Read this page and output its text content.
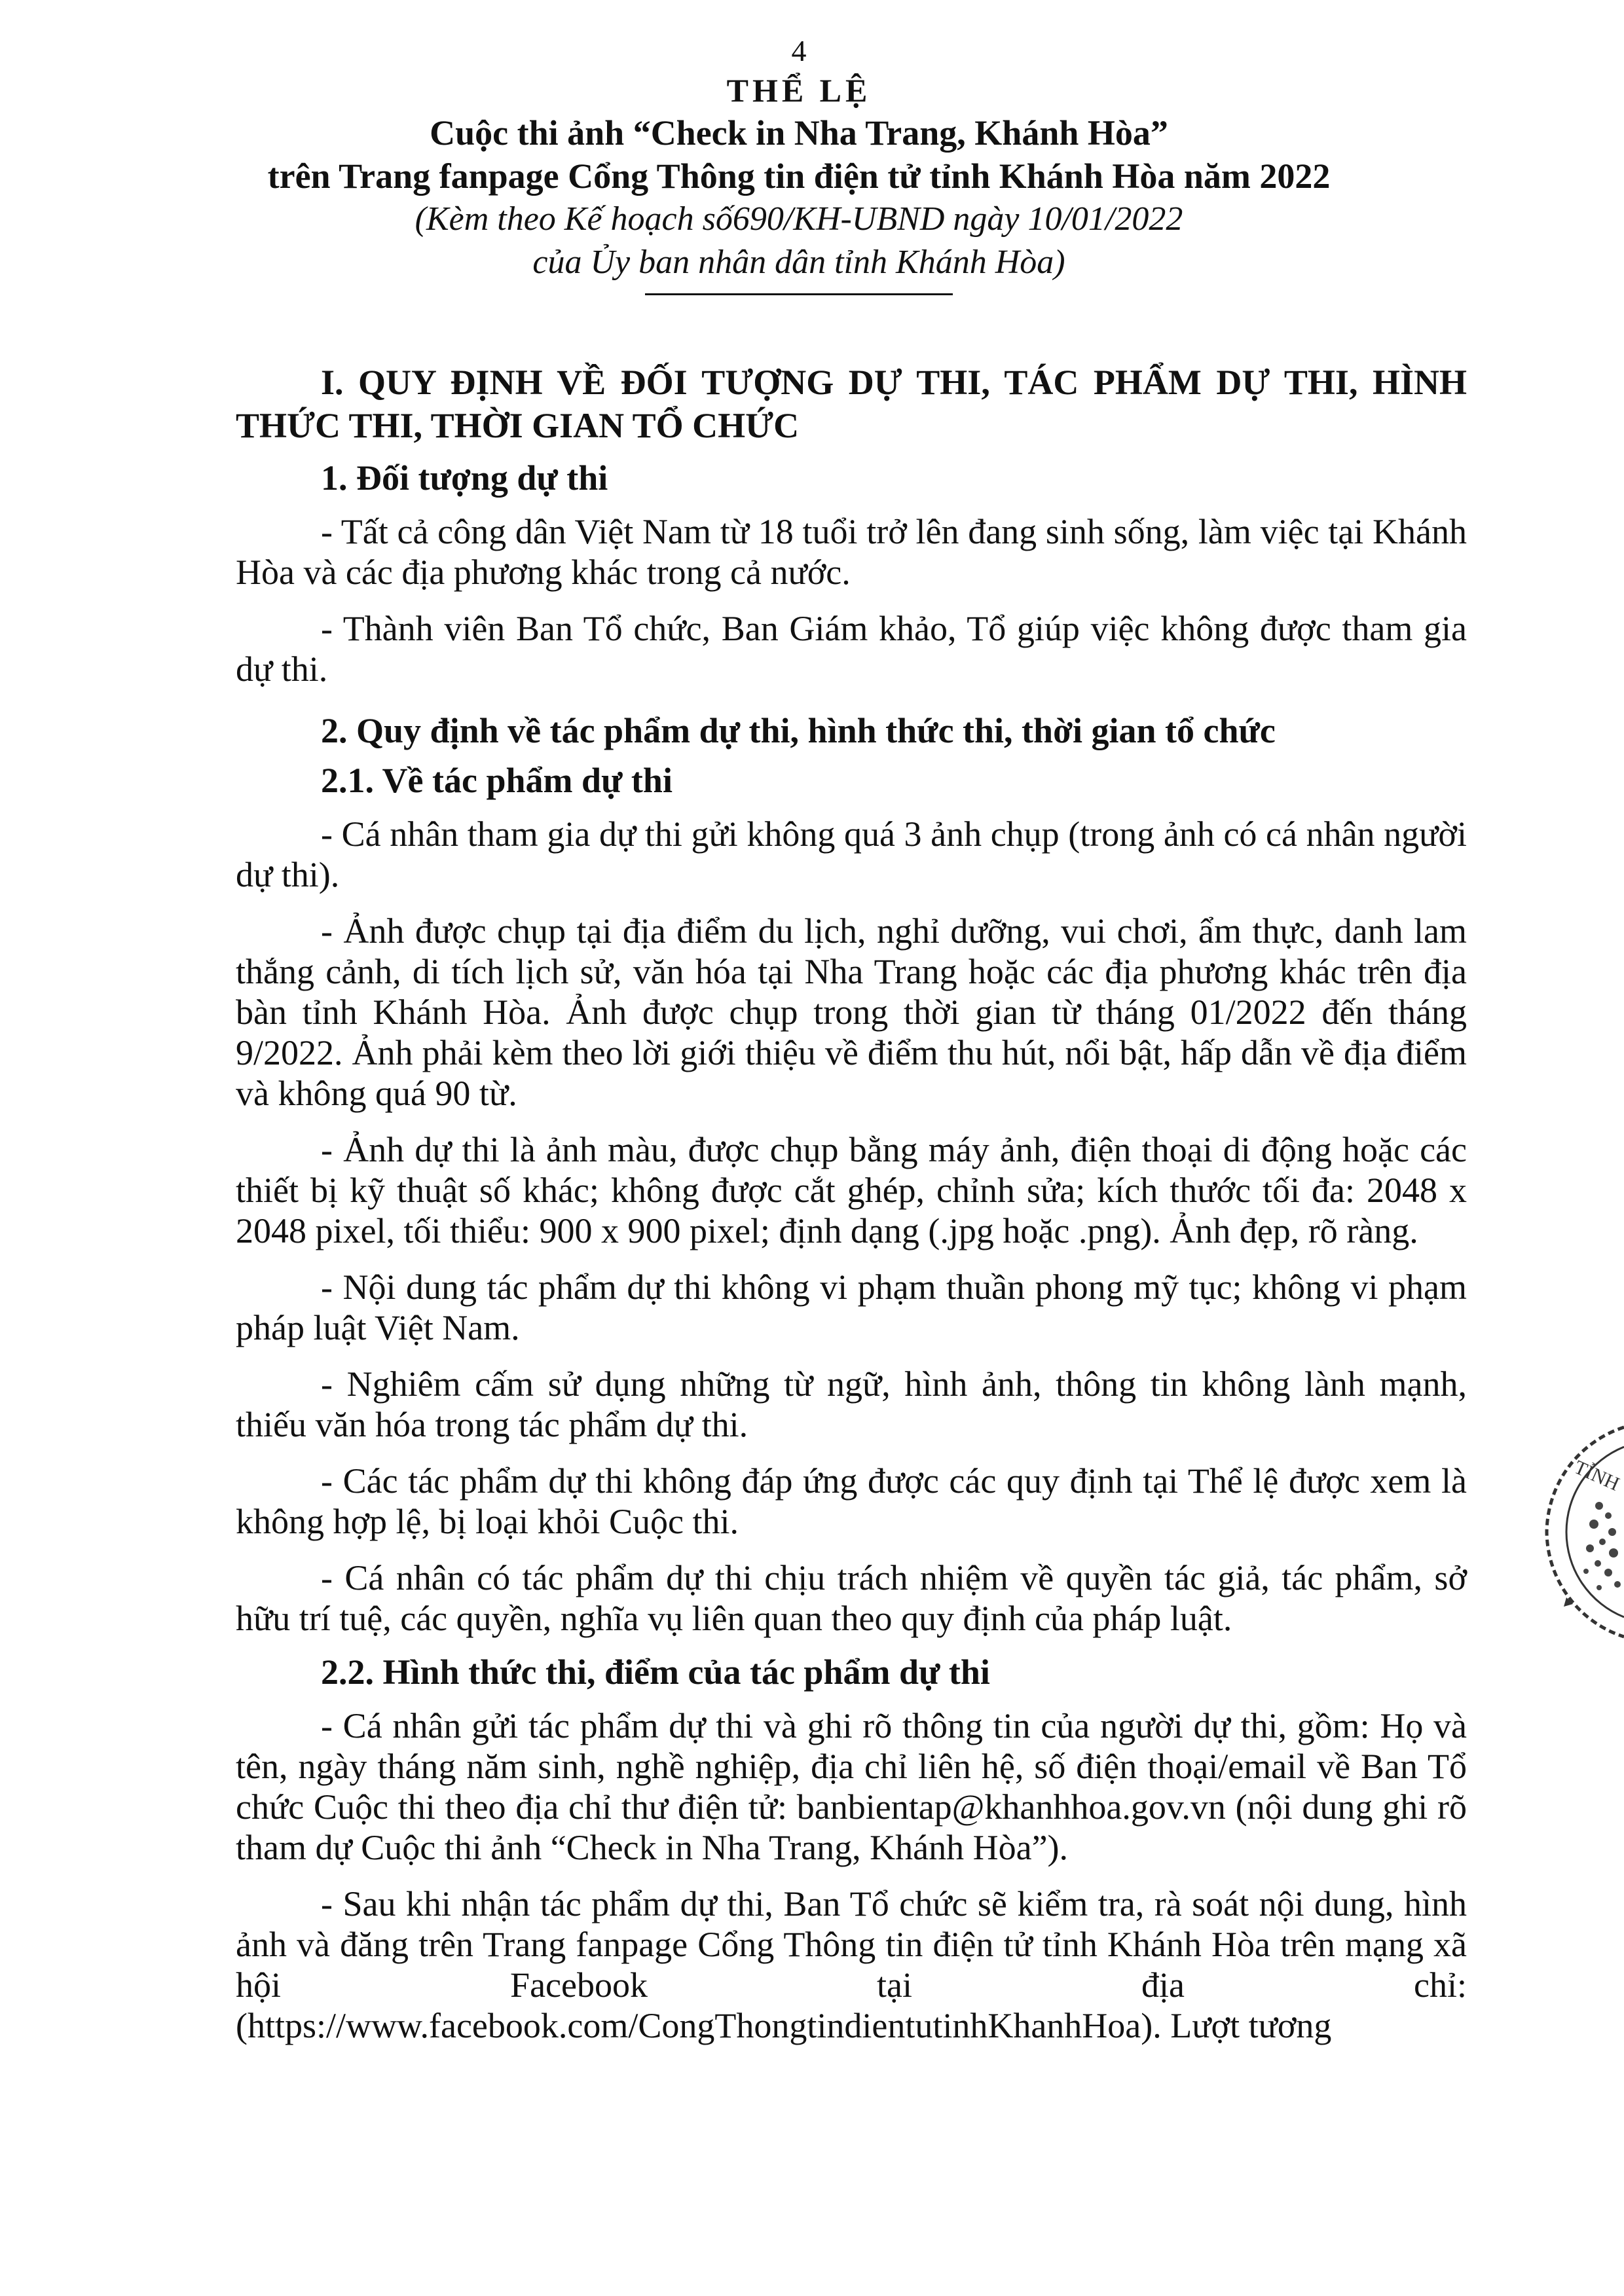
4
THỂ LỆ
Cuộc thi ảnh “Check in Nha Trang, Khánh Hòa”
trên Trang fanpage Cổng Thông tin điện tử tỉnh Khánh Hòa năm 2022
(Kèm theo Kế hoạch số690/KH-UBND ngày 10/01/2022
của Ủy ban nhân dân tỉnh Khánh Hòa)
I. QUY ĐỊNH VỀ ĐỐI TƯỢNG DỰ THI, TÁC PHẨM DỰ THI, HÌNH THỨC THI, THỜI GIAN TỔ CHỨC
1. Đối tượng dự thi
- Tất cả công dân Việt Nam từ 18 tuổi trở lên đang sinh sống, làm việc tại Khánh Hòa và các địa phương khác trong cả nước.
- Thành viên Ban Tổ chức, Ban Giám khảo, Tổ giúp việc không được tham gia dự thi.
2. Quy định về tác phẩm dự thi, hình thức thi, thời gian tổ chức
2.1. Về tác phẩm dự thi
- Cá nhân tham gia dự thi gửi không quá 3 ảnh chụp (trong ảnh có cá nhân người dự thi).
- Ảnh được chụp tại địa điểm du lịch, nghỉ dưỡng, vui chơi, ẩm thực, danh lam thắng cảnh, di tích lịch sử, văn hóa tại Nha Trang hoặc các địa phương khác trên địa bàn tỉnh Khánh Hòa. Ảnh được chụp trong thời gian từ tháng 01/2022 đến tháng 9/2022. Ảnh phải kèm theo lời giới thiệu về điểm thu hút, nổi bật, hấp dẫn về địa điểm và không quá 90 từ.
- Ảnh dự thi là ảnh màu, được chụp bằng máy ảnh, điện thoại di động hoặc các thiết bị kỹ thuật số khác; không được cắt ghép, chỉnh sửa; kích thước tối đa: 2048 x 2048 pixel, tối thiểu: 900 x 900 pixel; định dạng (.jpg hoặc .png). Ảnh đẹp, rõ ràng.
- Nội dung tác phẩm dự thi không vi phạm thuần phong mỹ tục; không vi phạm pháp luật Việt Nam.
- Nghiêm cấm sử dụng những từ ngữ, hình ảnh, thông tin không lành mạnh, thiếu văn hóa trong tác phẩm dự thi.
- Các tác phẩm dự thi không đáp ứng được các quy định tại Thể lệ được xem là không hợp lệ, bị loại khỏi Cuộc thi.
- Cá nhân có tác phẩm dự thi chịu trách nhiệm về quyền tác giả, tác phẩm, sở hữu trí tuệ, các quyền, nghĩa vụ liên quan theo quy định của pháp luật.
2.2. Hình thức thi, điểm của tác phẩm dự thi
- Cá nhân gửi tác phẩm dự thi và ghi rõ thông tin của người dự thi, gồm: Họ và tên, ngày tháng năm sinh, nghề nghiệp, địa chỉ liên hệ, số điện thoại/email về Ban Tổ chức Cuộc thi theo địa chỉ thư điện tử: banbientap@khanhhoa.gov.vn (nội dung ghi rõ tham dự Cuộc thi ảnh “Check in Nha Trang, Khánh Hòa”).
- Sau khi nhận tác phẩm dự thi, Ban Tổ chức sẽ kiểm tra, rà soát nội dung, hình ảnh và đăng trên Trang fanpage Cổng Thông tin điện tử tỉnh Khánh Hòa trên mạng xã hội Facebook tại địa chỉ: (https://www.facebook.com/CongThongtindientutinhKhanhHoa). Lượt tương
TỈNH
